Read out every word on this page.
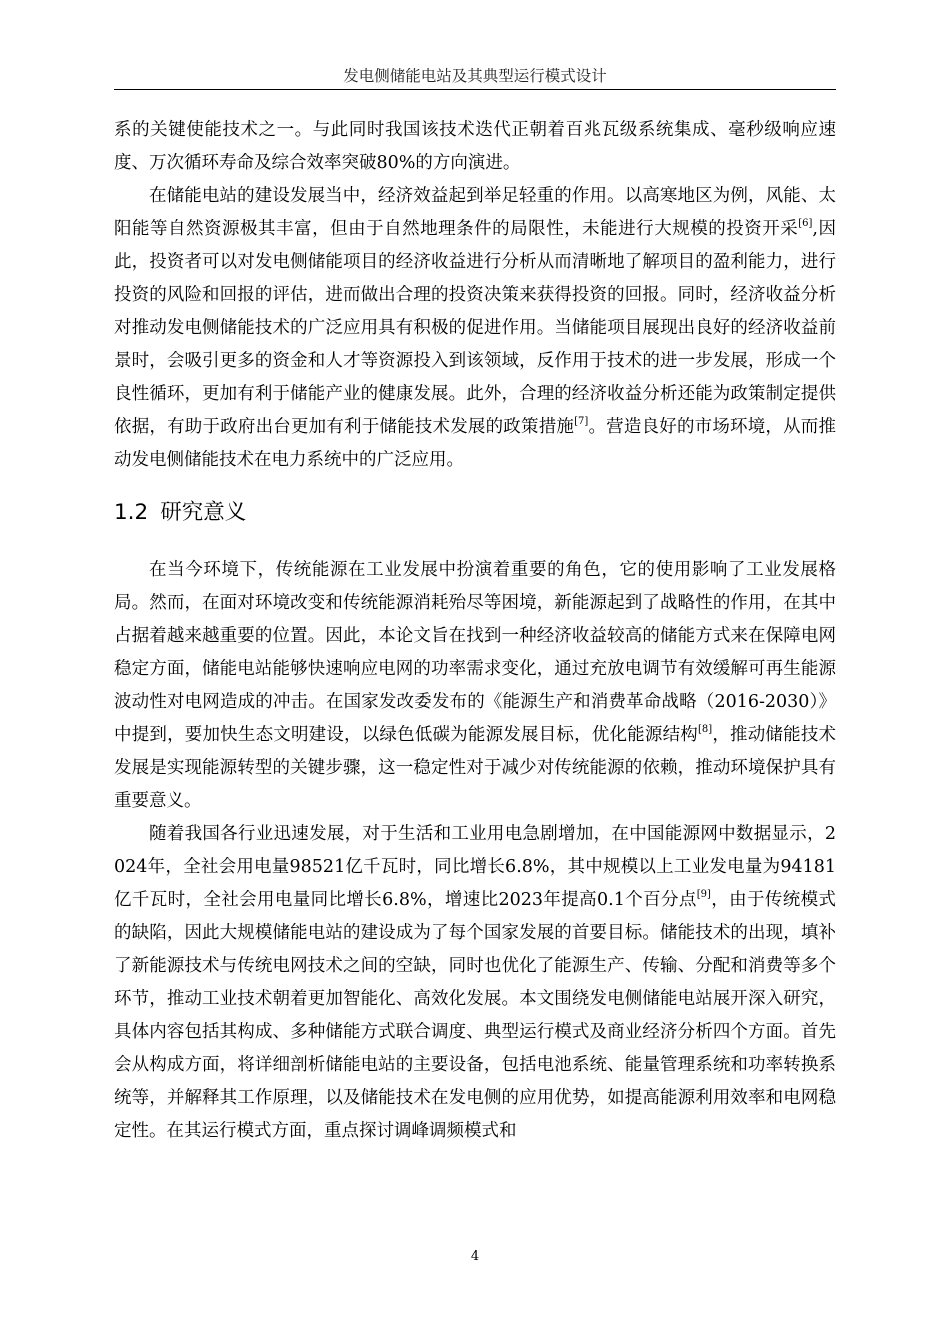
发电侧储能电站及其典型运行模式设计

系的关键使能技术之一。与此同时我国该技术迭代正朝着百兆瓦级系统集成、毫秒级响应速度、万次循环寿命及综合效率突破80%的方向演进。

在储能电站的建设发展当中，经济效益起到举足轻重的作用。以高寒地区为例，风能、太阳能等自然资源极其丰富，但由于自然地理条件的局限性，未能进行大规模的投资开采[6],因此，投资者可以对发电侧储能项目的经济收益进行分析从而清晰地了解项目的盈利能力，进行投资的风险和回报的评估，进而做出合理的投资决策来获得投资的回报。同时，经济收益分析对推动发电侧储能技术的广泛应用具有积极的促进作用。当储能项目展现出良好的经济收益前景时，会吸引更多的资金和人才等资源投入到该领域，反作用于技术的进一步发展，形成一个良性循环，更加有利于储能产业的健康发展。此外，合理的经济收益分析还能为政策制定提供依据，有助于政府出台更加有利于储能技术发展的政策措施[7]。营造良好的市场环境，从而推动发电侧储能技术在电力系统中的广泛应用。

1.2 研究意义

在当今环境下，传统能源在工业发展中扮演着重要的角色，它的使用影响了工业发展格局。然而，在面对环境改变和传统能源消耗殆尽等困境，新能源起到了战略性的作用，在其中占据着越来越重要的位置。因此，本论文旨在找到一种经济收益较高的储能方式来在保障电网稳定方面，储能电站能够快速响应电网的功率需求变化，通过充放电调节有效缓解可再生能源波动性对电网造成的冲击。在国家发改委发布的《能源生产和消费革命战略（2016-2030）》中提到，要加快生态文明建设，以绿色低碳为能源发展目标，优化能源结构[8]，推动储能技术发展是实现能源转型的关键步骤，这一稳定性对于减少对传统能源的依赖，推动环境保护具有重要意义。

随着我国各行业迅速发展，对于生活和工业用电急剧增加，在中国能源网中数据显示，2024年，全社会用电量98521亿千瓦时，同比增长6.8%，其中规模以上工业发电量为94181亿千瓦时，全社会用电量同比增长6.8%，增速比2023年提高0.1个百分点[9]，由于传统模式的缺陷，因此大规模储能电站的建设成为了每个国家发展的首要目标。储能技术的出现，填补了新能源技术与传统电网技术之间的空缺，同时也优化了能源生产、传输、分配和消费等多个环节，推动工业技术朝着更加智能化、高效化发展。本文围绕发电侧储能电站展开深入研究，具体内容包括其构成、多种储能方式联合调度、典型运行模式及商业经济分析四个方面。首先会从构成方面，将详细剖析储能电站的主要设备，包括电池系统、能量管理系统和功率转换系统等，并解释其工作原理，以及储能技术在发电侧的应用优势，如提高能源利用效率和电网稳定性。在其运行模式方面，重点探讨调峰调频模式和

4
